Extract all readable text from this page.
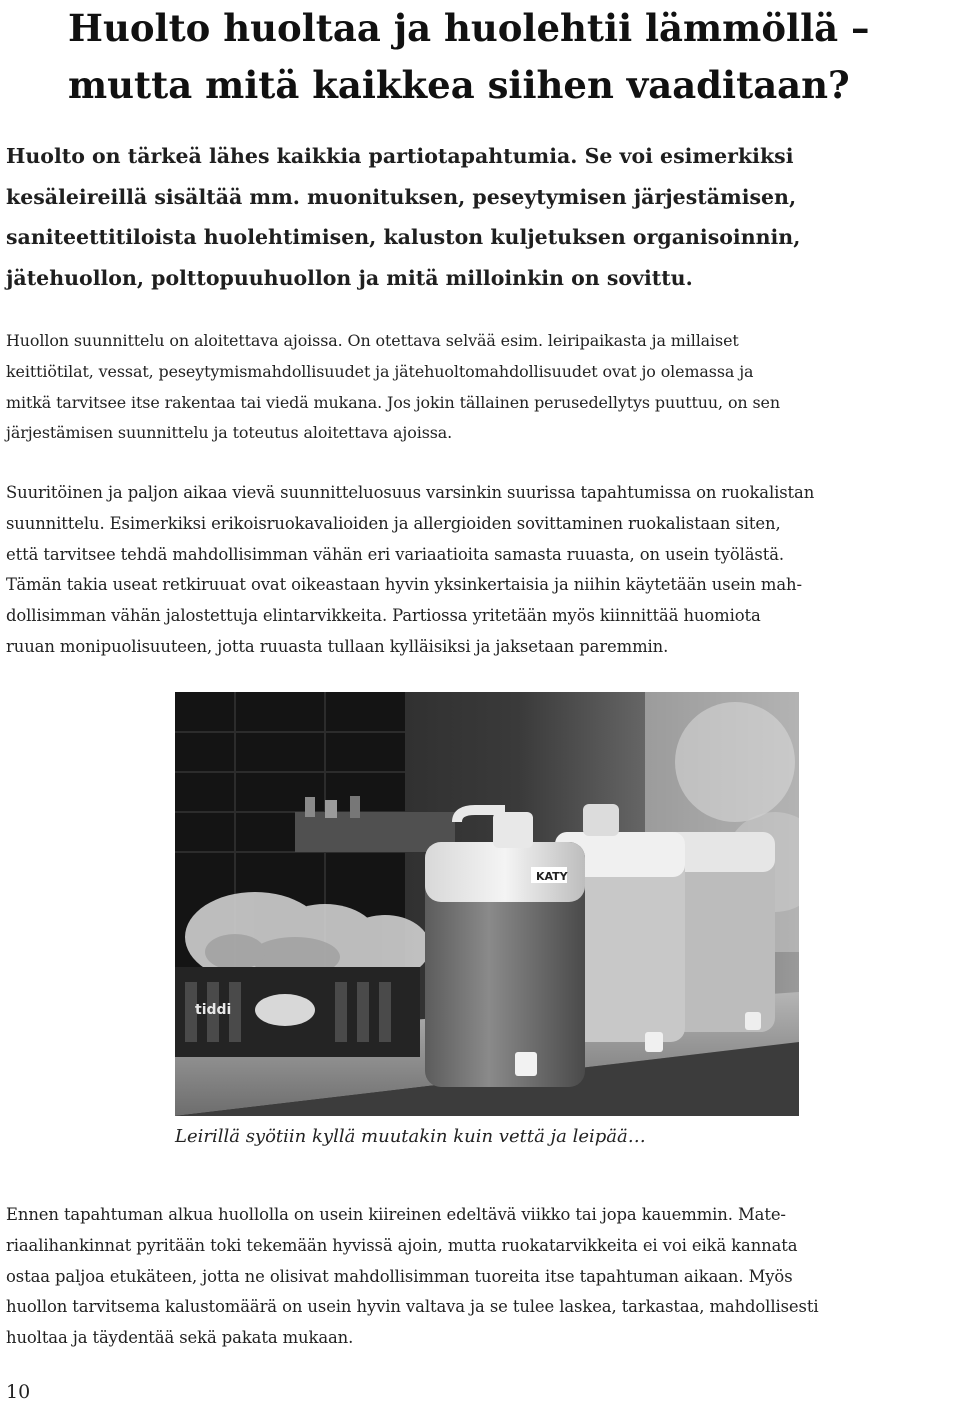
Huolto huoltaa ja huolehtii lämmöllä –
mutta mitä kaikkea siihen vaaditaan?

Huolto on tärkeä lähes kaikkia partiotapahtumia. Se voi esimerkiksi
kesäleireillä sisältää mm. muonituksen, peseytymisen järjestämisen,
saniteettitiloista huolehtimisen, kaluston kuljetuksen organisoinnin,
jätehuollon, polttopuuhuollon ja mitä milloinkin on sovittu.

Huollon suunnittelu on aloitettava ajoissa. On otettava selvää esim. leiripaikasta ja millaiset
keittiötilat, vessat, peseytymismahdollisuudet ja jätehuoltomahdollisuudet ovat jo olemassa ja
mitkä tarvitsee itse rakentaa tai viedä mukana. Jos jokin tällainen perusedellytys puuttuu, on sen
järjestämisen suunnittelu ja toteutus aloitettava ajoissa.

Suuritöinen ja paljon aikaa vievä suunnitteluosuus varsinkin suurissa tapahtumissa on ruokalistan
suunnittelu. Esimerkiksi erikoisruokavalioiden ja allergioiden sovittaminen ruokalistaan siten,
että tarvitsee tehdä mahdollisimman vähän eri variaatioita samasta ruuasta, on usein työlästä.
Tämän takia useat retkiruuat ovat oikeastaan hyvin yksinkertaisia ja niihin käytetään usein mah-
dollisimman vähän jalostettuja elintarvikkeita. Partiossa yritetään myös kiinnittää huomiota
ruuan monipuolisuuteen, jotta ruuasta tullaan kylläisiksi ja jaksetaan paremmin.

tiddi
KATY

Leirillä syötiin kyllä muutakin kuin vettä ja leipää…

Ennen tapahtuman alkua huollolla on usein kiireinen edeltävä viikko tai jopa kauemmin. Mate-
riaalihankinnat pyritään toki tekemään hyvissä ajoin, mutta ruokatarvikkeita ei voi eikä kannata
ostaa paljoa etukäteen, jotta ne olisivat mahdollisimman tuoreita itse tapahtuman aikaan. Myös
huollon tarvitsema kalustomäärä on usein hyvin valtava ja se tulee laskea, tarkastaa, mahdollisesti
huoltaa ja täydentää sekä pakata mukaan.

10
